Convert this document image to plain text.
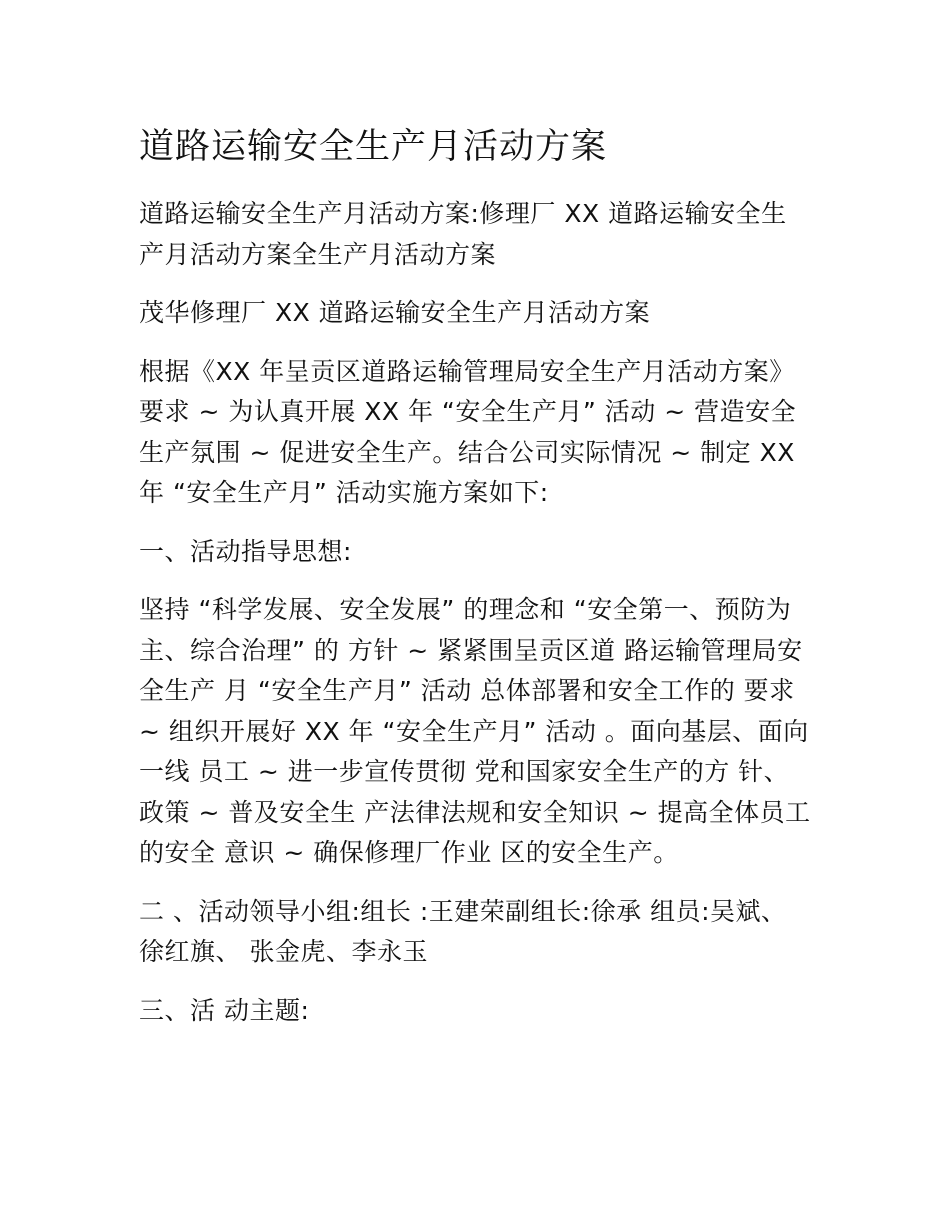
道路运输安全生产月活动方案

道路运输安全生产月活动方案:修理厂 XX 道路运输安全生产月活动方案全生产月活动方案

茂华修理厂 XX 道路运输安全生产月活动方案

根据《XX 年呈贡区道路运输管理局安全生产月活动方案》要求 ~ 为认真开展 XX 年 “安全生产月” 活动 ~ 营造安全生产氛围 ~ 促进安全生产。结合公司实际情况 ~ 制定 XX 年 “安全生产月” 活动实施方案如下:

一、活动指导思想:

坚持 “科学发展、安全发展” 的理念和 “安全第一、预防为主、综合治理” 的 方针 ~ 紧紧围呈贡区道 路运输管理局安全生产 月 “安全生产月” 活动 总体部署和安全工作的 要求 ~ 组织开展好 XX 年 “安全生产月” 活动 。面向基层、面向一线 员工 ~ 进一步宣传贯彻 党和国家安全生产的方 针、政策 ~ 普及安全生 产法律法规和安全知识 ~ 提高全体员工的安全 意识 ~ 确保修理厂作业 区的安全生产。

二 、活动领导小组:组长 :王建荣副组长:徐承 组员:吴斌、徐红旗、 张金虎、李永玉

三、活 动主题:
